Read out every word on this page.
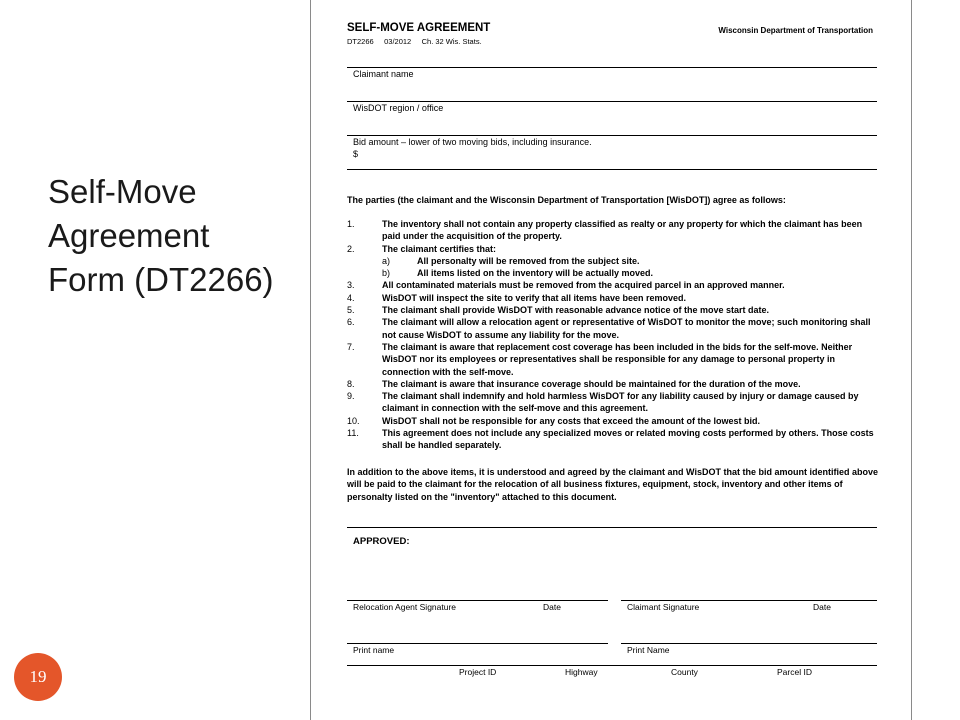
Self-Move
Agreement
Form (DT2266)
19
SELF-MOVE AGREEMENT
DT2266     03/2012     Ch. 32 Wis. Stats.
Wisconsin Department of Transportation
Claimant name
WisDOT region / office
Bid amount – lower of two moving bids, including insurance.
$
The parties (the claimant and the Wisconsin Department of Transportation [WisDOT]) agree as follows:
1.	The inventory shall not contain any property classified as realty or any property for which the claimant has been paid under the acquisition of the property.
2.	The claimant certifies that:
a)	All personalty will be removed from the subject site.
b)	All items listed on the inventory will be actually moved.
3.	All contaminated materials must be removed from the acquired parcel in an approved manner.
4.	WisDOT will inspect the site to verify that all items have been removed.
5.	The claimant shall provide WisDOT with reasonable advance notice of the move start date.
6.	The claimant will allow a relocation agent or representative of WisDOT to monitor the move; such monitoring shall not cause WisDOT to assume any liability for the move.
7.	The claimant is aware that replacement cost coverage has been included in the bids for the self-move. Neither WisDOT nor its employees or representatives shall be responsible for any damage to personal property in connection with the self-move.
8.	The claimant is aware that insurance coverage should be maintained for the duration of the move.
9.	The claimant shall indemnify and hold harmless WisDOT for any liability caused by injury or damage caused by claimant in connection with the self-move and this agreement.
10. WisDOT shall not be responsible for any costs that exceed the amount of the lowest bid.
11.	This agreement does not include any specialized moves or related moving costs performed by others. Those costs shall be handled separately.
In addition to the above items, it is understood and agreed by the claimant and WisDOT that the bid amount identified above will be paid to the claimant for the relocation of all business fixtures, equipment, stock, inventory and other items of personalty listed on the "inventory" attached to this document.
APPROVED:
Relocation Agent Signature	Date	Claimant Signature	Date
Print name	Print Name
Project ID	Highway	County	Parcel ID
